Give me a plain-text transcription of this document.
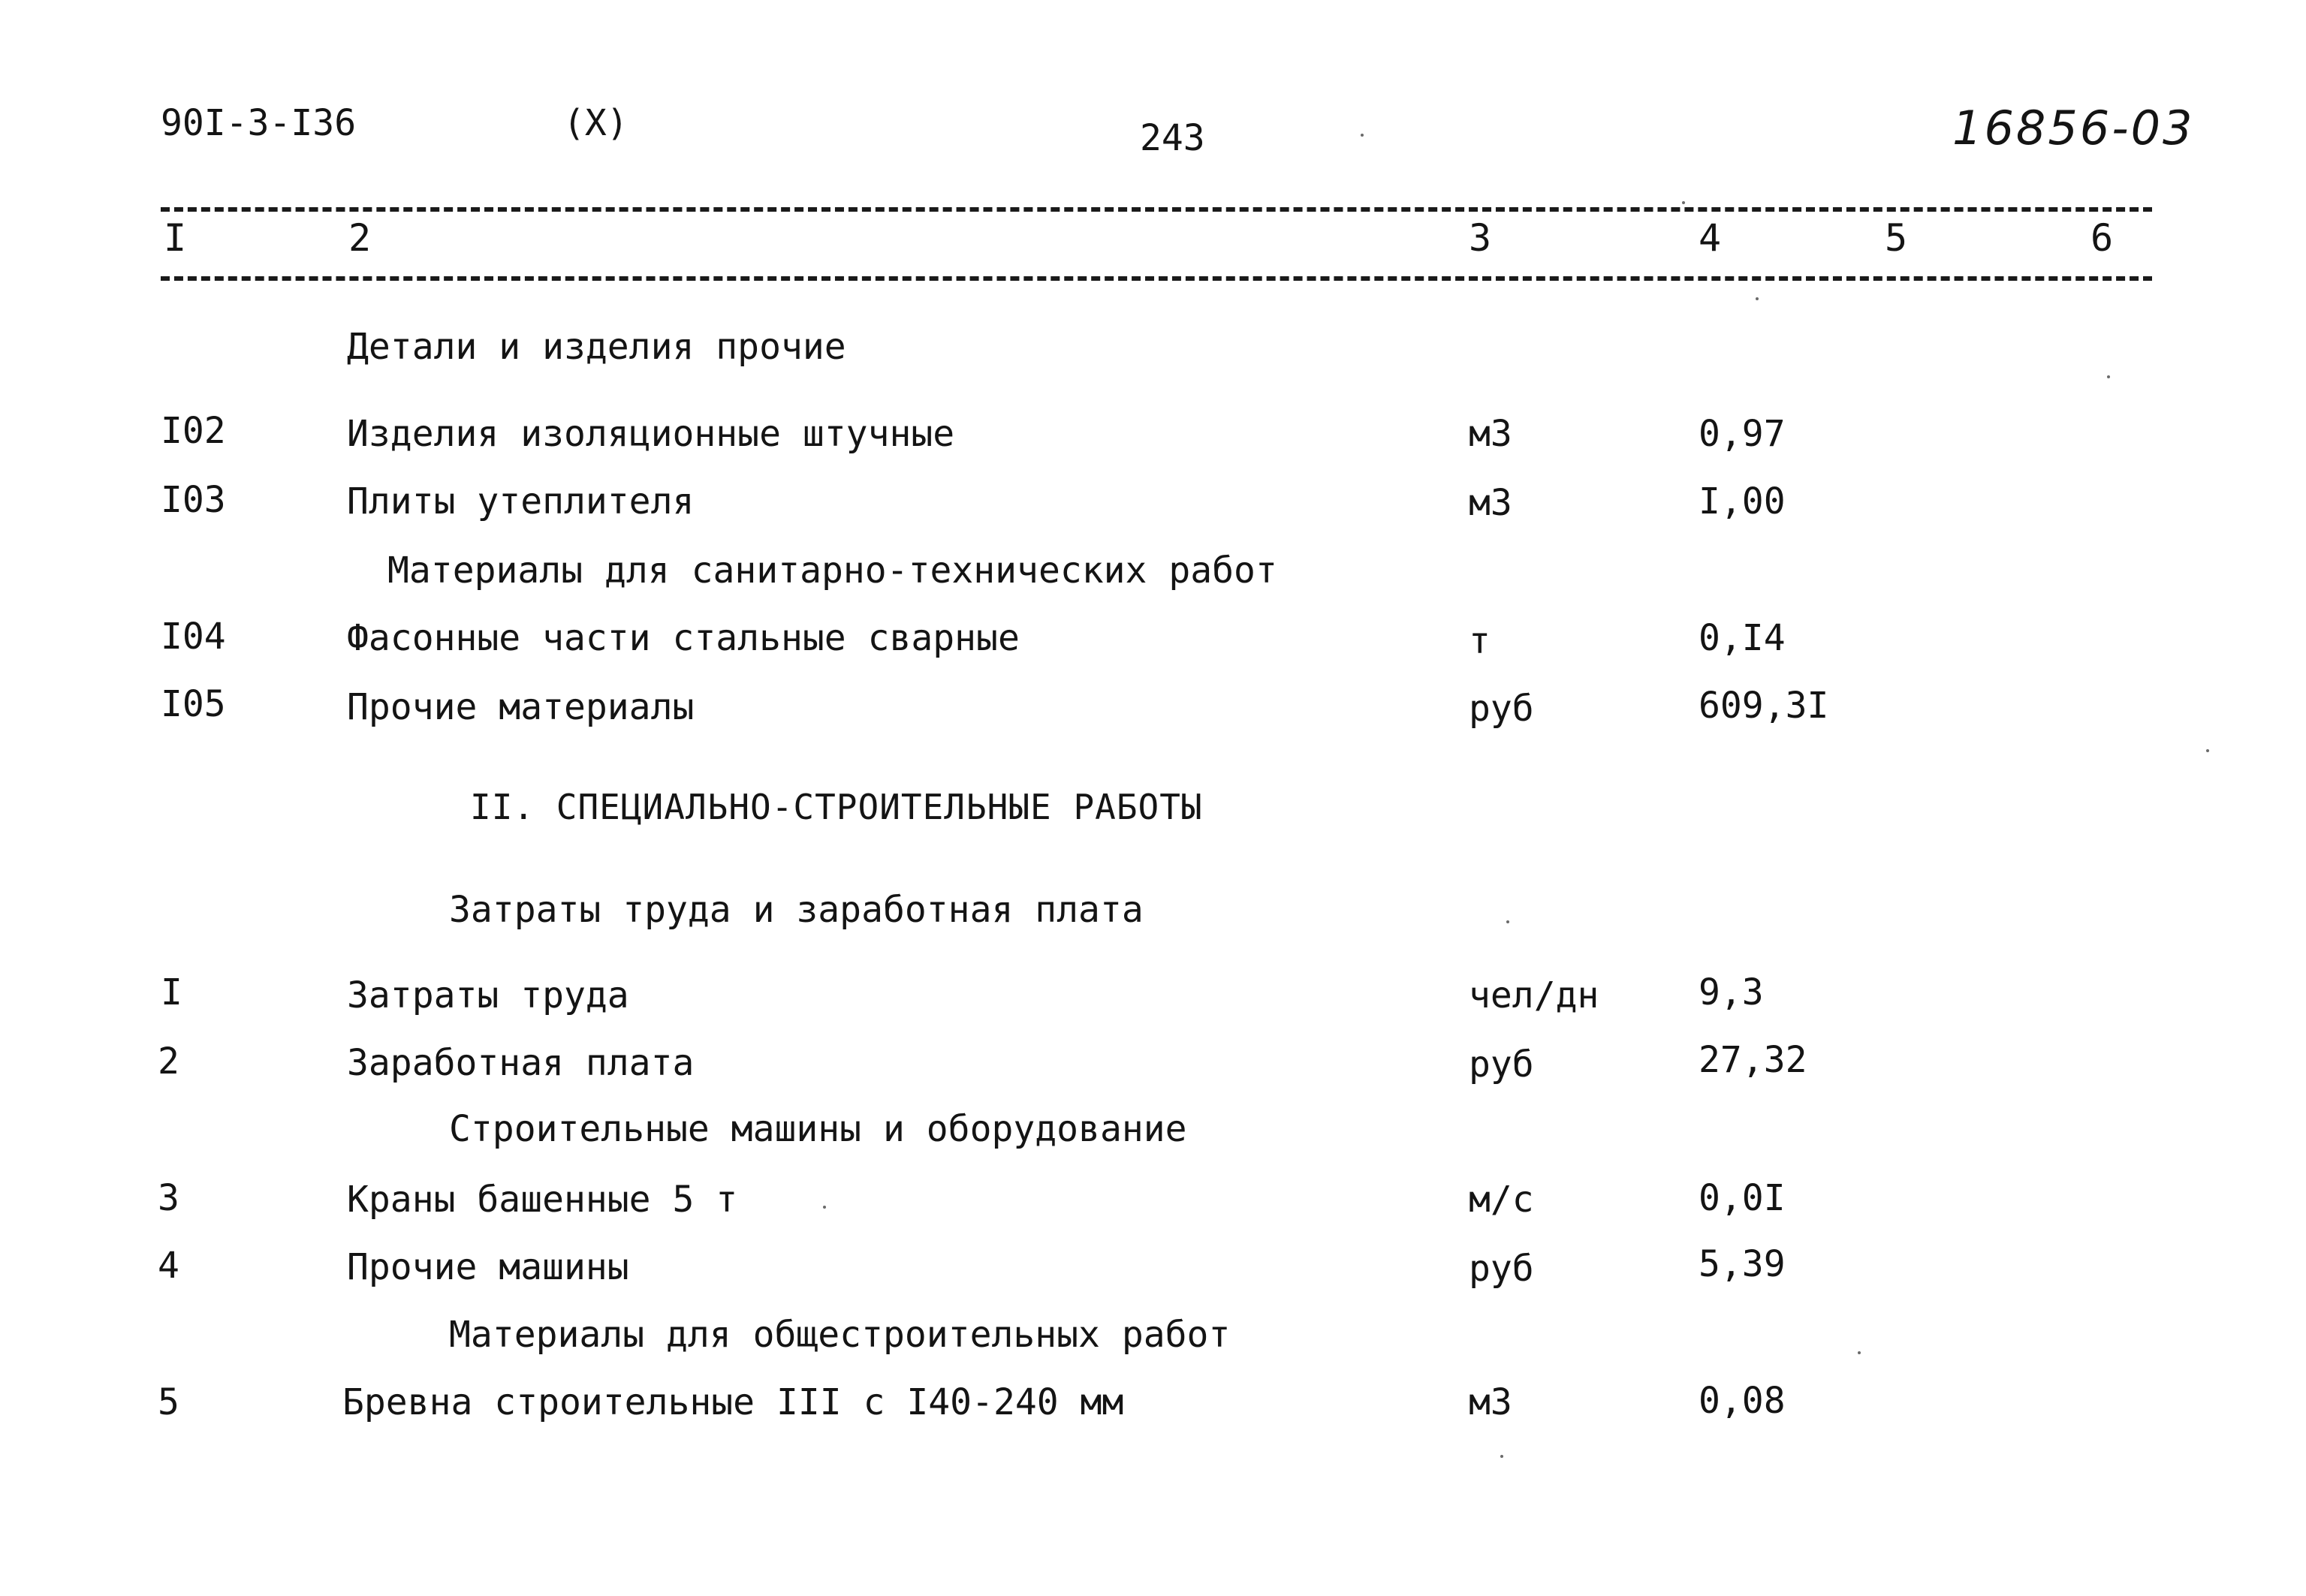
90I-3-I36	(X)	243	16856-03
I	2	3	4	5	6
Детали и изделия прочие
I02	Изделия изоляционные штучные	м3	0,97
I03	Плиты утеплителя	м3	I,00
Материалы для санитарно-технических работ
I04	Фасонные части стальные сварные	т	0,I4
I05	Прочие материалы	руб	609,3I
II. СПЕЦИАЛЬНО-СТРОИТЕЛЬНЫЕ РАБОТЫ
Затраты труда и заработная плата
I	Затраты труда	чел/дн	9,3
2	Заработная плата	руб	27,32
Строительные машины и оборудование
3	Краны башенные 5 т	м/с	0,0I
4	Прочие машины	руб	5,39
Материалы для общестроительных работ
5	Бревна строительные III с I40-240 мм	м3	0,08
